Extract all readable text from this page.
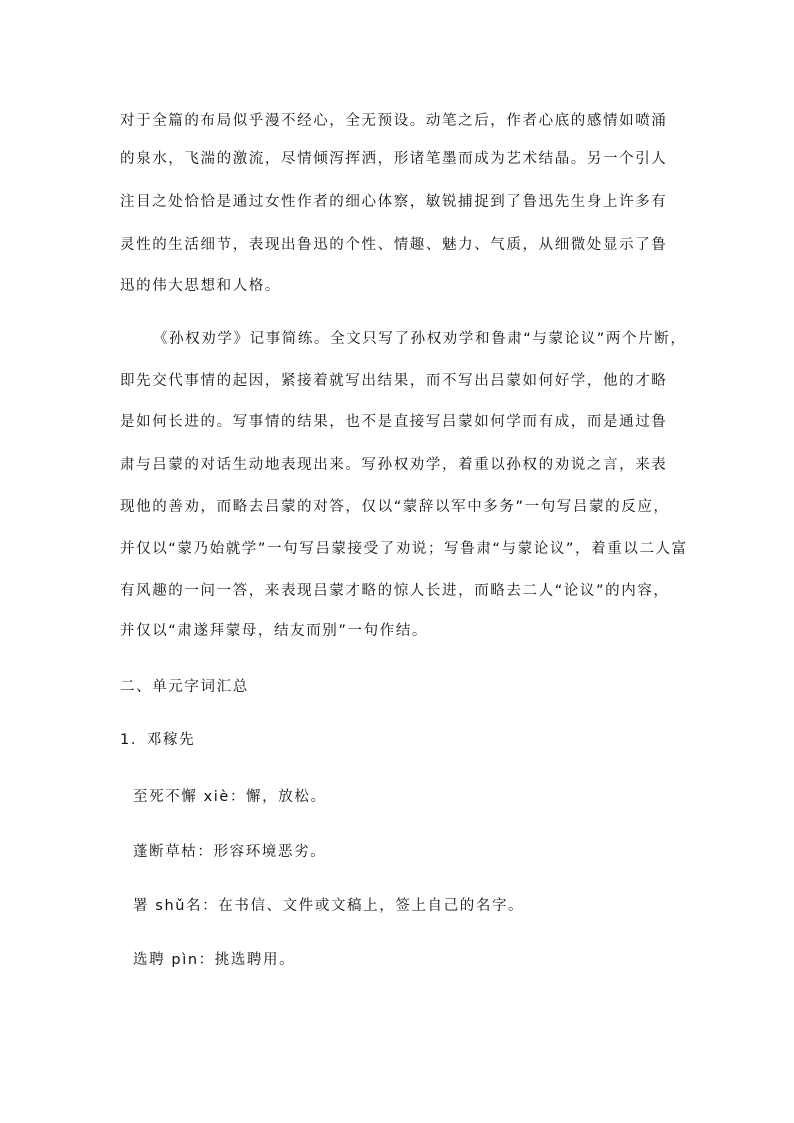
对于全篇的布局似乎漫不经心，全无预设。动笔之后，作者心底的感情如喷涌
的泉水，飞湍的激流，尽情倾泻挥洒，形诸笔墨而成为艺术结晶。另一个引人
注目之处恰恰是通过女性作者的细心体察，敏锐捕捉到了鲁迅先生身上许多有
灵性的生活细节，表现出鲁迅的个性、情趣、魅力、气质，从细微处显示了鲁
迅的伟大思想和人格。
《孙权劝学》记事简练。全文只写了孙权劝学和鲁肃“与蒙论议”两个片断，
即先交代事情的起因，紧接着就写出结果，而不写出吕蒙如何好学，他的才略
是如何长进的。写事情的结果，也不是直接写吕蒙如何学而有成，而是通过鲁
肃与吕蒙的对话生动地表现出来。写孙权劝学，着重以孙权的劝说之言，来表
现他的善劝，而略去吕蒙的对答，仅以“蒙辞以军中多务”一句写吕蒙的反应，
并仅以“蒙乃始就学”一句写吕蒙接受了劝说；写鲁肃“与蒙论议”，着重以二人富
有风趣的一问一答，来表现吕蒙才略的惊人长进，而略去二人“论议”的内容，
并仅以“肃遂拜蒙母，结友而别”一句作结。
二、单元字词汇总
1．邓稼先
至死不懈 xiè：懈，放松。
蓬断草枯：形容环境恶劣。
署 shǔ名：在书信、文件或文稿上，签上自己的名字。
选聘 pìn：挑选聘用。
